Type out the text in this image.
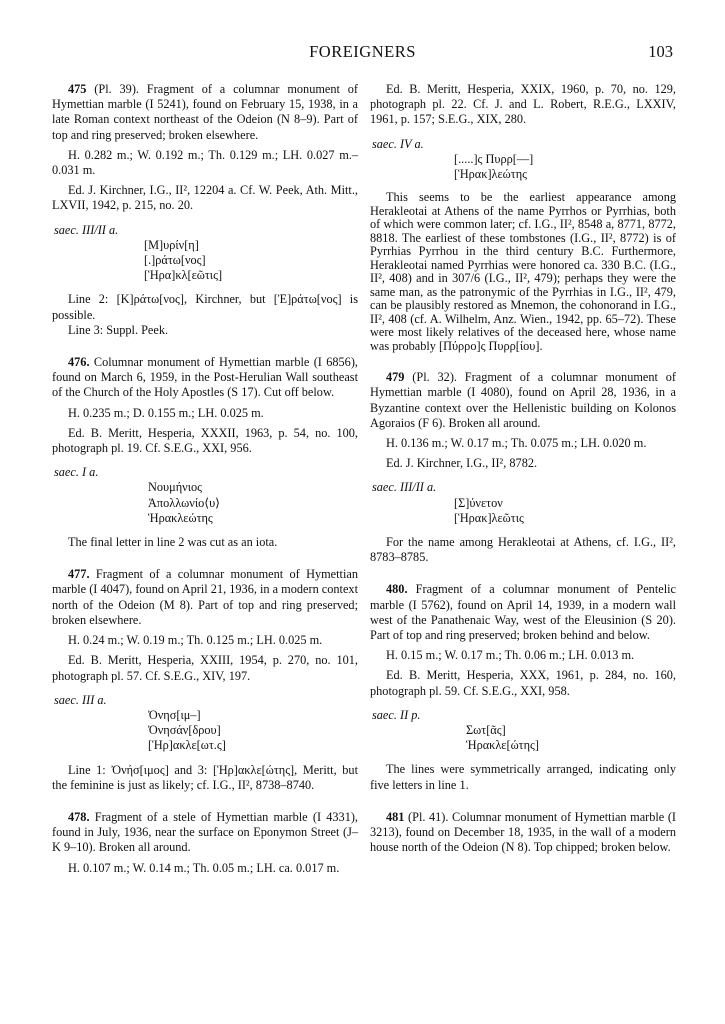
FOREIGNERS	103

475 (Pl. 39). Fragment of a columnar monument of Hymettian marble (I 5241), found on February 15, 1938, in a late Roman context northeast of the Odeion (N 8–9). Part of top and ring preserved; broken elsewhere.

H. 0.282 m.; W. 0.192 m.; Th. 0.129 m.; LH. 0.027 m.–0.031 m.

Ed. J. Kirchner, I.G., II², 12204 a. Cf. W. Peek, Ath. Mitt., LXVII, 1942, p. 215, no. 20.

saec. III/II a.

[Μ]υρίν[η]
[.]ράτω[νος]
[Ἡρα]κλ[εῶτις]

Line 2: [Κ]ράτω[νος], Kirchner, but [Ἐ]ράτω[νος] is possible.

Line 3: Suppl. Peek.

476. Columnar monument of Hymettian marble (I 6856), found on March 6, 1959, in the Post-Herulian Wall southeast of the Church of the Holy Apostles (S 17). Cut off below.

H. 0.235 m.; D. 0.155 m.; LH. 0.025 m.

Ed. B. Meritt, Hesperia, XXXII, 1963, p. 54, no. 100, photograph pl. 19. Cf. S.E.G., XXI, 956.

saec. I a.

Νουμήνιος
Ἀπολλωνίο⟨υ⟩
Ἡρακλεώτης

The final letter in line 2 was cut as an iota.

477. Fragment of a columnar monument of Hymettian marble (I 4047), found on April 21, 1936, in a modern context north of the Odeion (M 8). Part of top and ring preserved; broken elsewhere.

H. 0.24 m.; W. 0.19 m.; Th. 0.125 m.; LH. 0.025 m.

Ed. B. Meritt, Hesperia, XXIII, 1954, p. 270, no. 101, photograph pl. 57. Cf. S.E.G., XIV, 197.

saec. III a.

Ὀνησ[ιμ–]
Ὀνησάν[δρου]
[Ἡρ]ακλε[ωτ.ς]

Line 1: Ὀνήσ[ιμος] and 3: [Ἡρ]ακλε[ώτης], Meritt, but the feminine is just as likely; cf. I.G., II², 8738–8740.

478. Fragment of a stele of Hymettian marble (I 4331), found in July, 1936, near the surface on Eponymon Street (J–K 9–10). Broken all around.

H. 0.107 m.; W. 0.14 m.; Th. 0.05 m.; LH. ca. 0.017 m.

Ed. B. Meritt, Hesperia, XXIX, 1960, p. 70, no. 129, photograph pl. 22. Cf. J. and L. Robert, R.E.G., LXXIV, 1961, p. 157; S.E.G., XIX, 280.

saec. IV a.

[.....]ς Πυρρ[––]
[Ἡρακ]λεώτης

This seems to be the earliest appearance among Herakleotai at Athens of the name Pyrrhos or Pyrrhias, both of which were common later; cf. I.G., II², 8548 a, 8771, 8772, 8818. The earliest of these tombstones (I.G., II², 8772) is of Pyrrhias Pyrrhou in the third century B.C. Furthermore, Herakleotai named Pyrrhias were honored ca. 330 B.C. (I.G., II², 408) and in 307/6 (I.G., II², 479); perhaps they were the same man, as the patronymic of the Pyrrhias in I.G., II², 479, can be plausibly restored as Mnemon, the cohonorand in I.G., II², 408 (cf. A. Wilhelm, Anz. Wien., 1942, pp. 65–72). These were most likely relatives of the deceased here, whose name was probably [Πύρρο]ς Πυρρ[ίου].

479 (Pl. 32). Fragment of a columnar monument of Hymettian marble (I 4080), found on April 28, 1936, in a Byzantine context over the Hellenistic building on Kolonos Agoraios (F 6). Broken all around.

H. 0.136 m.; W. 0.17 m.; Th. 0.075 m.; LH. 0.020 m.

Ed. J. Kirchner, I.G., II², 8782.

saec. III/II a.

[Σ]ύνετον
[Ἡρακ]λεῶτις

For the name among Herakleotai at Athens, cf. I.G., II², 8783–8785.

480. Fragment of a columnar monument of Pentelic marble (I 5762), found on April 14, 1939, in a modern wall west of the Panathenaic Way, west of the Eleusinion (S 20). Part of top and ring preserved; broken behind and below.

H. 0.15 m.; W. 0.17 m.; Th. 0.06 m.; LH. 0.013 m.

Ed. B. Meritt, Hesperia, XXX, 1961, p. 284, no. 160, photograph pl. 59. Cf. S.E.G., XXI, 958.

saec. II p.

Σωτ[ᾶς]
Ἡρακλε[ώτης]

The lines were symmetrically arranged, indicating only five letters in line 1.

481 (Pl. 41). Columnar monument of Hymettian marble (I 3213), found on December 18, 1935, in the wall of a modern house north of the Odeion (N 8). Top chipped; broken below.
